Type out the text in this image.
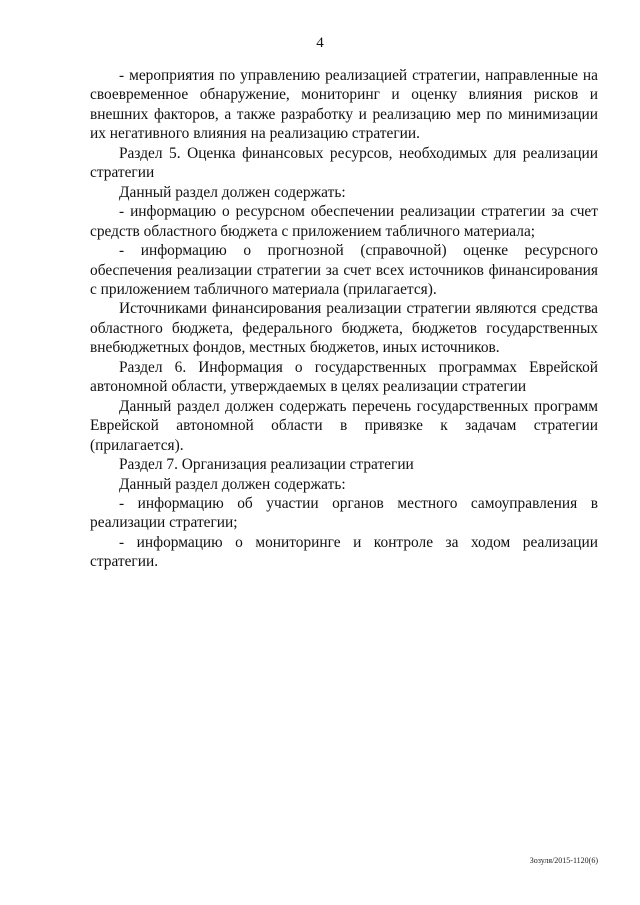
4

- мероприятия по управлению реализацией стратегии, направленные на своевременное обнаружение, мониторинг и оценку влияния рисков и внешних факторов, а также разработку и реализацию мер по минимизации их негативного влияния на реализацию стратегии.

Раздел 5. Оценка финансовых ресурсов, необходимых для реализации стратегии

Данный раздел должен содержать:

- информацию о ресурсном обеспечении реализации стратегии за счет средств областного бюджета с приложением табличного материала;

- информацию о прогнозной (справочной) оценке ресурсного обеспечения реализации стратегии за счет всех источников финансирования с приложением табличного материала (прилагается).

Источниками финансирования реализации стратегии являются средства областного бюджета, федерального бюджета, бюджетов государственных внебюджетных фондов, местных бюджетов, иных источников.

Раздел 6. Информация о государственных программах Еврейской автономной области, утверждаемых в целях реализации стратегии

Данный раздел должен содержать перечень государственных программ Еврейской автономной области в привязке к задачам стратегии (прилагается).

Раздел 7. Организация реализации стратегии

Данный раздел должен содержать:

- информацию об участии органов местного самоуправления в реализации стратегии;

- информацию о мониторинге и контроле за ходом реализации стратегии.

Зозуля/2015-1120(6)
